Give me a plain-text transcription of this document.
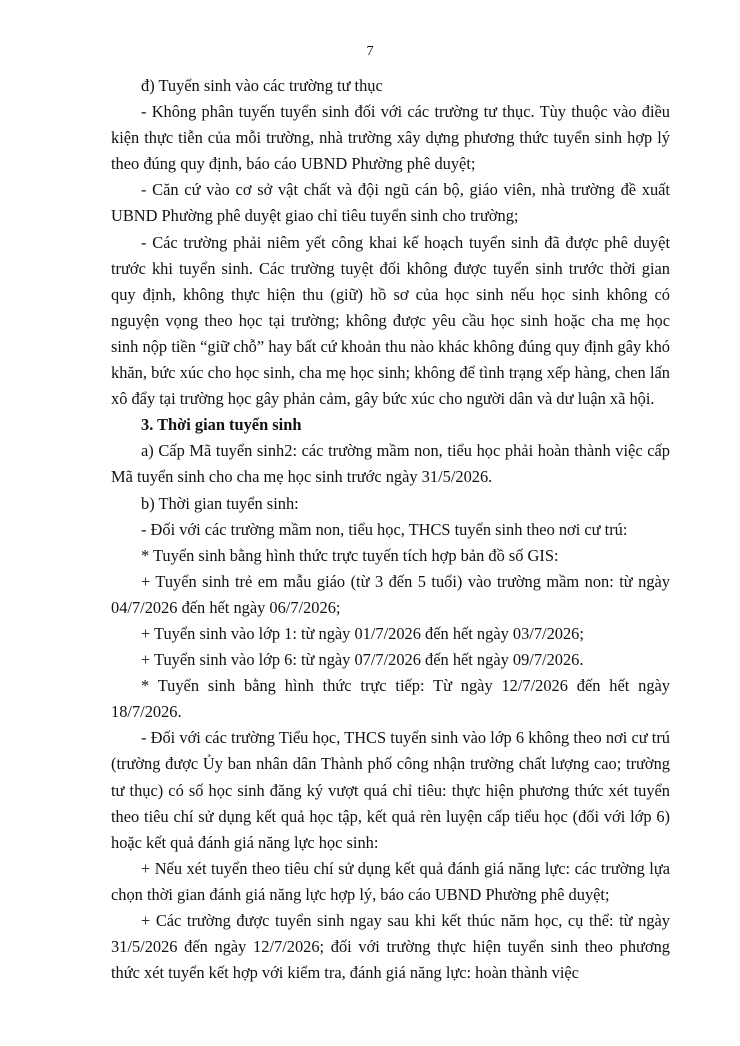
7

đ) Tuyển sinh vào các trường tư thục

- Không phân tuyến tuyển sinh đối với các trường tư thục. Tùy thuộc vào điều kiện thực tiễn của mỗi trường, nhà trường xây dựng phương thức tuyển sinh hợp lý theo đúng quy định, báo cáo UBND Phường phê duyệt;

- Căn cứ vào cơ sở vật chất và đội ngũ cán bộ, giáo viên, nhà trường đề xuất UBND Phường phê duyệt giao chỉ tiêu tuyển sinh cho trường;

- Các trường phải niêm yết công khai kế hoạch tuyển sinh đã được phê duyệt trước khi tuyển sinh. Các trường tuyệt đối không được tuyển sinh trước thời gian quy định, không thực hiện thu (giữ) hồ sơ của học sinh nếu học sinh không có nguyện vọng theo học tại trường; không được yêu cầu học sinh hoặc cha mẹ học sinh nộp tiền “giữ chỗ” hay bất cứ khoản thu nào khác không đúng quy định gây khó khăn, bức xúc cho học sinh, cha mẹ học sinh; không để tình trạng xếp hàng, chen lấn xô đẩy tại trường học gây phản cảm, gây bức xúc cho người dân và dư luận xã hội.

3. Thời gian tuyển sinh

a) Cấp Mã tuyển sinh2: các trường mầm non, tiểu học phải hoàn thành việc cấp Mã tuyển sinh cho cha mẹ học sinh trước ngày 31/5/2026.

b) Thời gian tuyển sinh:

- Đối với các trường mầm non, tiểu học, THCS tuyển sinh theo nơi cư trú:

* Tuyển sinh bằng hình thức trực tuyến tích hợp bản đồ số GIS:

+ Tuyển sinh trẻ em mẫu giáo (từ 3 đến 5 tuổi) vào trường mầm non: từ ngày 04/7/2026 đến hết ngày 06/7/2026;

+ Tuyển sinh vào lớp 1: từ ngày 01/7/2026 đến hết ngày 03/7/2026;

+ Tuyển sinh vào lớp 6: từ ngày 07/7/2026 đến hết ngày 09/7/2026.

* Tuyển sinh bằng hình thức trực tiếp: Từ ngày 12/7/2026 đến hết ngày 18/7/2026.

- Đối với các trường Tiểu học, THCS tuyển sinh vào lớp 6 không theo nơi cư trú (trường được Ủy ban nhân dân Thành phố công nhận trường chất lượng cao; trường tư thục) có số học sinh đăng ký vượt quá chỉ tiêu: thực hiện phương thức xét tuyển theo tiêu chí sử dụng kết quả học tập, kết quả rèn luyện cấp tiểu học (đối với lớp 6) hoặc kết quả đánh giá năng lực học sinh:

+ Nếu xét tuyển theo tiêu chí sử dụng kết quả đánh giá năng lực: các trường lựa chọn thời gian đánh giá năng lực hợp lý, báo cáo UBND Phường phê duyệt;

+ Các trường được tuyển sinh ngay sau khi kết thúc năm học, cụ thể: từ ngày 31/5/2026 đến ngày 12/7/2026; đối với trường thực hiện tuyển sinh theo phương thức xét tuyển kết hợp với kiểm tra, đánh giá năng lực: hoàn thành việc
